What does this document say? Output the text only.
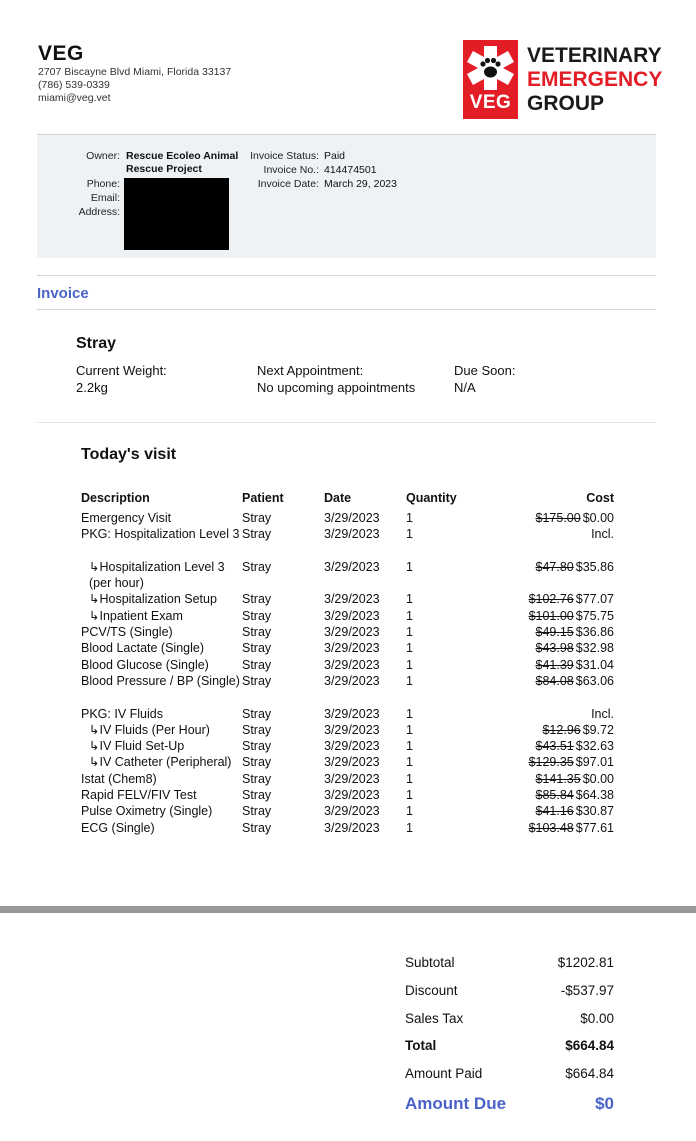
VEG
2707 Biscayne Blvd Miami, Florida 33137
(786) 539-0339
miami@veg.vet	VEG
VETERINARY
EMERGENCY
GROUP
Owner: Rescue Ecoleo Animal
Rescue Project
Phone:
Email:
Address:
Invoice Status: Paid
Invoice No.: 414474501
Invoice Date: March 29, 2023
Invoice
Stray
Current Weight:
2.2kg
Next Appointment:
No upcoming appointments
Due Soon:
N/A
Today's visit
Description	Patient	Date	Quantity	Cost
Emergency Visit	Stray	3/29/2023 1	$175.00 $0.00
PKG: Hospitalization Level 3 Stray	3/29/2023 1	Incl.
↳Hospitalization Level 3 (per hour)
Stray	3/29/2023 1	$47.80 $35.86
↳Hospitalization Setup	Stray	3/29/2023 1	$102.76 $77.07
↳Inpatient Exam	Stray	3/29/2023 1	$101.00 $75.75
PCV/TS (Single)	Stray	3/29/2023 1	$49.15 $36.86
Blood Lactate (Single)	Stray	3/29/2023 1	$43.98 $32.98
Blood Glucose (Single)	Stray	3/29/2023 1	$41.39 $31.04
Blood Pressure / BP (Single) Stray	3/29/2023 1	$84.08 $63.06
PKG: IV Fluids	Stray	3/29/2023 1	Incl.
↳IV Fluids (Per Hour)	Stray	3/29/2023 1	$12.96 $9.72
↳IV Fluid Set-Up	Stray	3/29/2023 1	$43.51 $32.63
↳IV Catheter (Peripheral) Stray	3/29/2023 1	$129.35 $97.01
Istat (Chem8)	Stray	3/29/2023 1	$141.35 $0.00
Rapid FELV/FIV Test	Stray	3/29/2023 1	$85.84 $64.38
Pulse Oximetry (Single)	Stray	3/29/2023 1	$41.16 $30.87
ECG (Single)	Stray	3/29/2023 1	$103.48 $77.61
Subtotal	$1202.81
Discount	-$537.97
Sales Tax	$0.00
Total	$664.84
Amount Paid	$664.84
Amount Due	$0
